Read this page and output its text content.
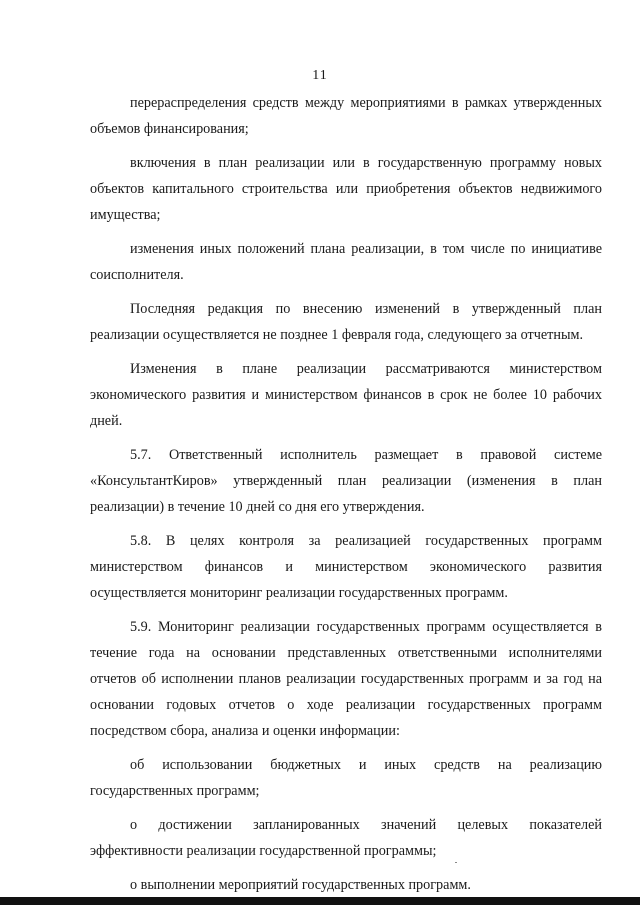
11

перераспределения средств между мероприятиями в рамках утвержденных объемов финансирования;

включения в план реализации или в государственную программу новых объектов капитального строительства или приобретения объектов недвижимого имущества;

изменения иных положений плана реализации, в том числе по инициативе соисполнителя.

Последняя редакция по внесению изменений в утвержденный план реализации осуществляется не позднее 1 февраля года, следующего за отчетным.

Изменения в плане реализации рассматриваются министерством экономического развития и министерством финансов в срок не более 10 рабочих дней.

5.7. Ответственный исполнитель размещает в правовой системе «КонсультантКиров» утвержденный план реализации (изменения в план реализации) в течение 10 дней со дня его утверждения.

5.8. В целях контроля за реализацией государственных программ министерством финансов и министерством экономического развития осуществляется мониторинг реализации государственных программ.

5.9. Мониторинг реализации государственных программ осуществляется в течение года на основании представленных ответственными исполнителями отчетов об исполнении планов реализации государственных программ и за год на основании годовых отчетов о ходе реализации государственных программ посредством сбора, анализа и оценки информации:

об использовании бюджетных и иных средств на реализацию государственных программ;

о достижении запланированных значений целевых показателей эффективности реализации государственной программы;

о выполнении мероприятий государственных программ.
